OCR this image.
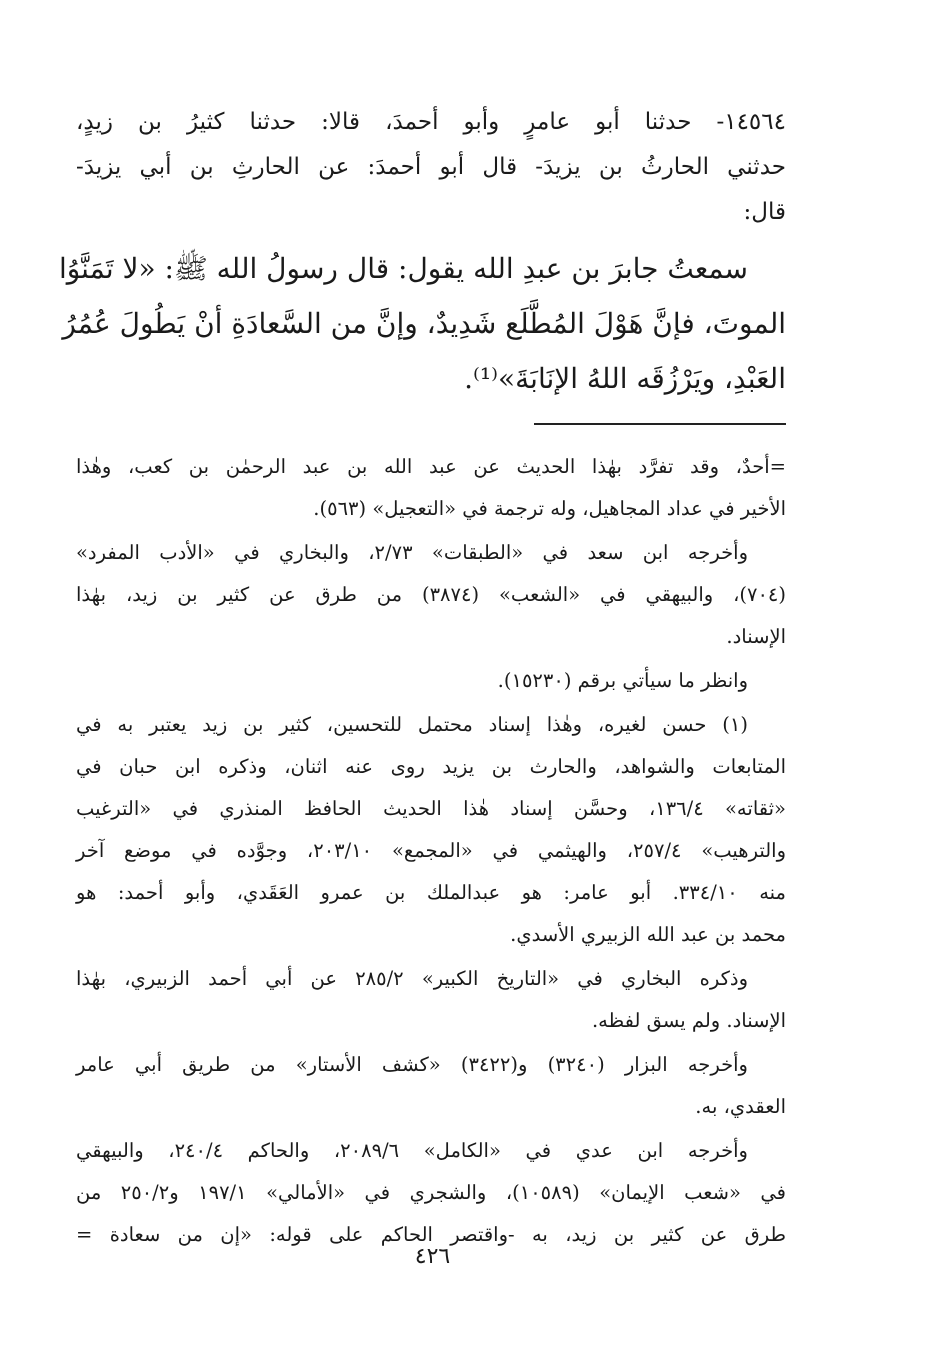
١٤٥٦٤- حدثنا أبو عامرٍ وأبو أحمدَ، قالا: حدثنا كثيرُ بن زيدٍ،
حدثني الحارثُ بن يزيدَ- قال أبو أحمدَ: عن الحارثِ بن أبي يزيدَ-
قال:
سمعتُ جابرَ بن عبدِ الله يقول: قال رسولُ الله ﷺ: «لا تَمَنَّوُا
الموتَ، فإنَّ هَوْلَ المُطَّلَع شَدِيدٌ، وإنَّ من السَّعادَةِ أنْ يَطُولَ عُمُرُ
العَبْدِ، ويَرْزُقَه اللهُ الإنَابَةَ»⁽¹⁾.
=أحدٌ، وقد تفرَّد بهٰذا الحديث عن عبد الله بن عبد الرحمٰن بن كعب، وهٰذا
الأخير في عداد المجاهيل، وله ترجمة في «التعجيل» (٥٦٣).
وأخرجه ابن سعد في «الطبقات» ٢/٧٣، والبخاري في «الأدب المفرد»
(٧٠٤)، والبيهقي في «الشعب» (٣٨٧٤) من طرق عن كثير بن زيد، بهٰذا
الإسناد.
وانظر ما سيأتي برقم (١٥٢٣٠).
(١) حسن لغيره، وهٰذا إسناد محتمل للتحسين، كثير بن زيد يعتبر به في
المتابعات والشواهد، والحارث بن يزيد روى عنه اثنان، وذكره ابن حبان في
«ثقاته» ١٣٦/٤، وحسَّن إسناد هٰذا الحديث الحافظ المنذري في «الترغيب
والترهيب» ٢٥٧/٤، والهيثمي في «المجمع» ٢٠٣/١٠، وجوَّده في موضع آخر
منه ٣٣٤/١٠. أبو عامر: هو عبدالملك بن عمرو العَقَدي، وأبو أحمد: هو
محمد بن عبد الله الزبيري الأسدي.
وذكره البخاري في «التاريخ الكبير» ٢٨٥/٢ عن أبي أحمد الزبيري، بهٰذا
الإسناد. ولم يسق لفظه.
وأخرجه البزار (٣٢٤٠) و(٣٤٢٢) «كشف الأستار» من طريق أبي عامر
العقدي، به.
وأخرجه ابن عدي في «الكامل» ٢٠٨٩/٦، والحاكم ٢٤٠/٤، والبيهقي
في «شعب الإيمان» (١٠٥٨٩)، والشجري في «الأمالي» ١٩٧/١ و٢٥٠/٢ من
طرق عن كثير بن زيد، به -واقتصر الحاكم على قوله: «إن من سعادة =
٤٢٦
